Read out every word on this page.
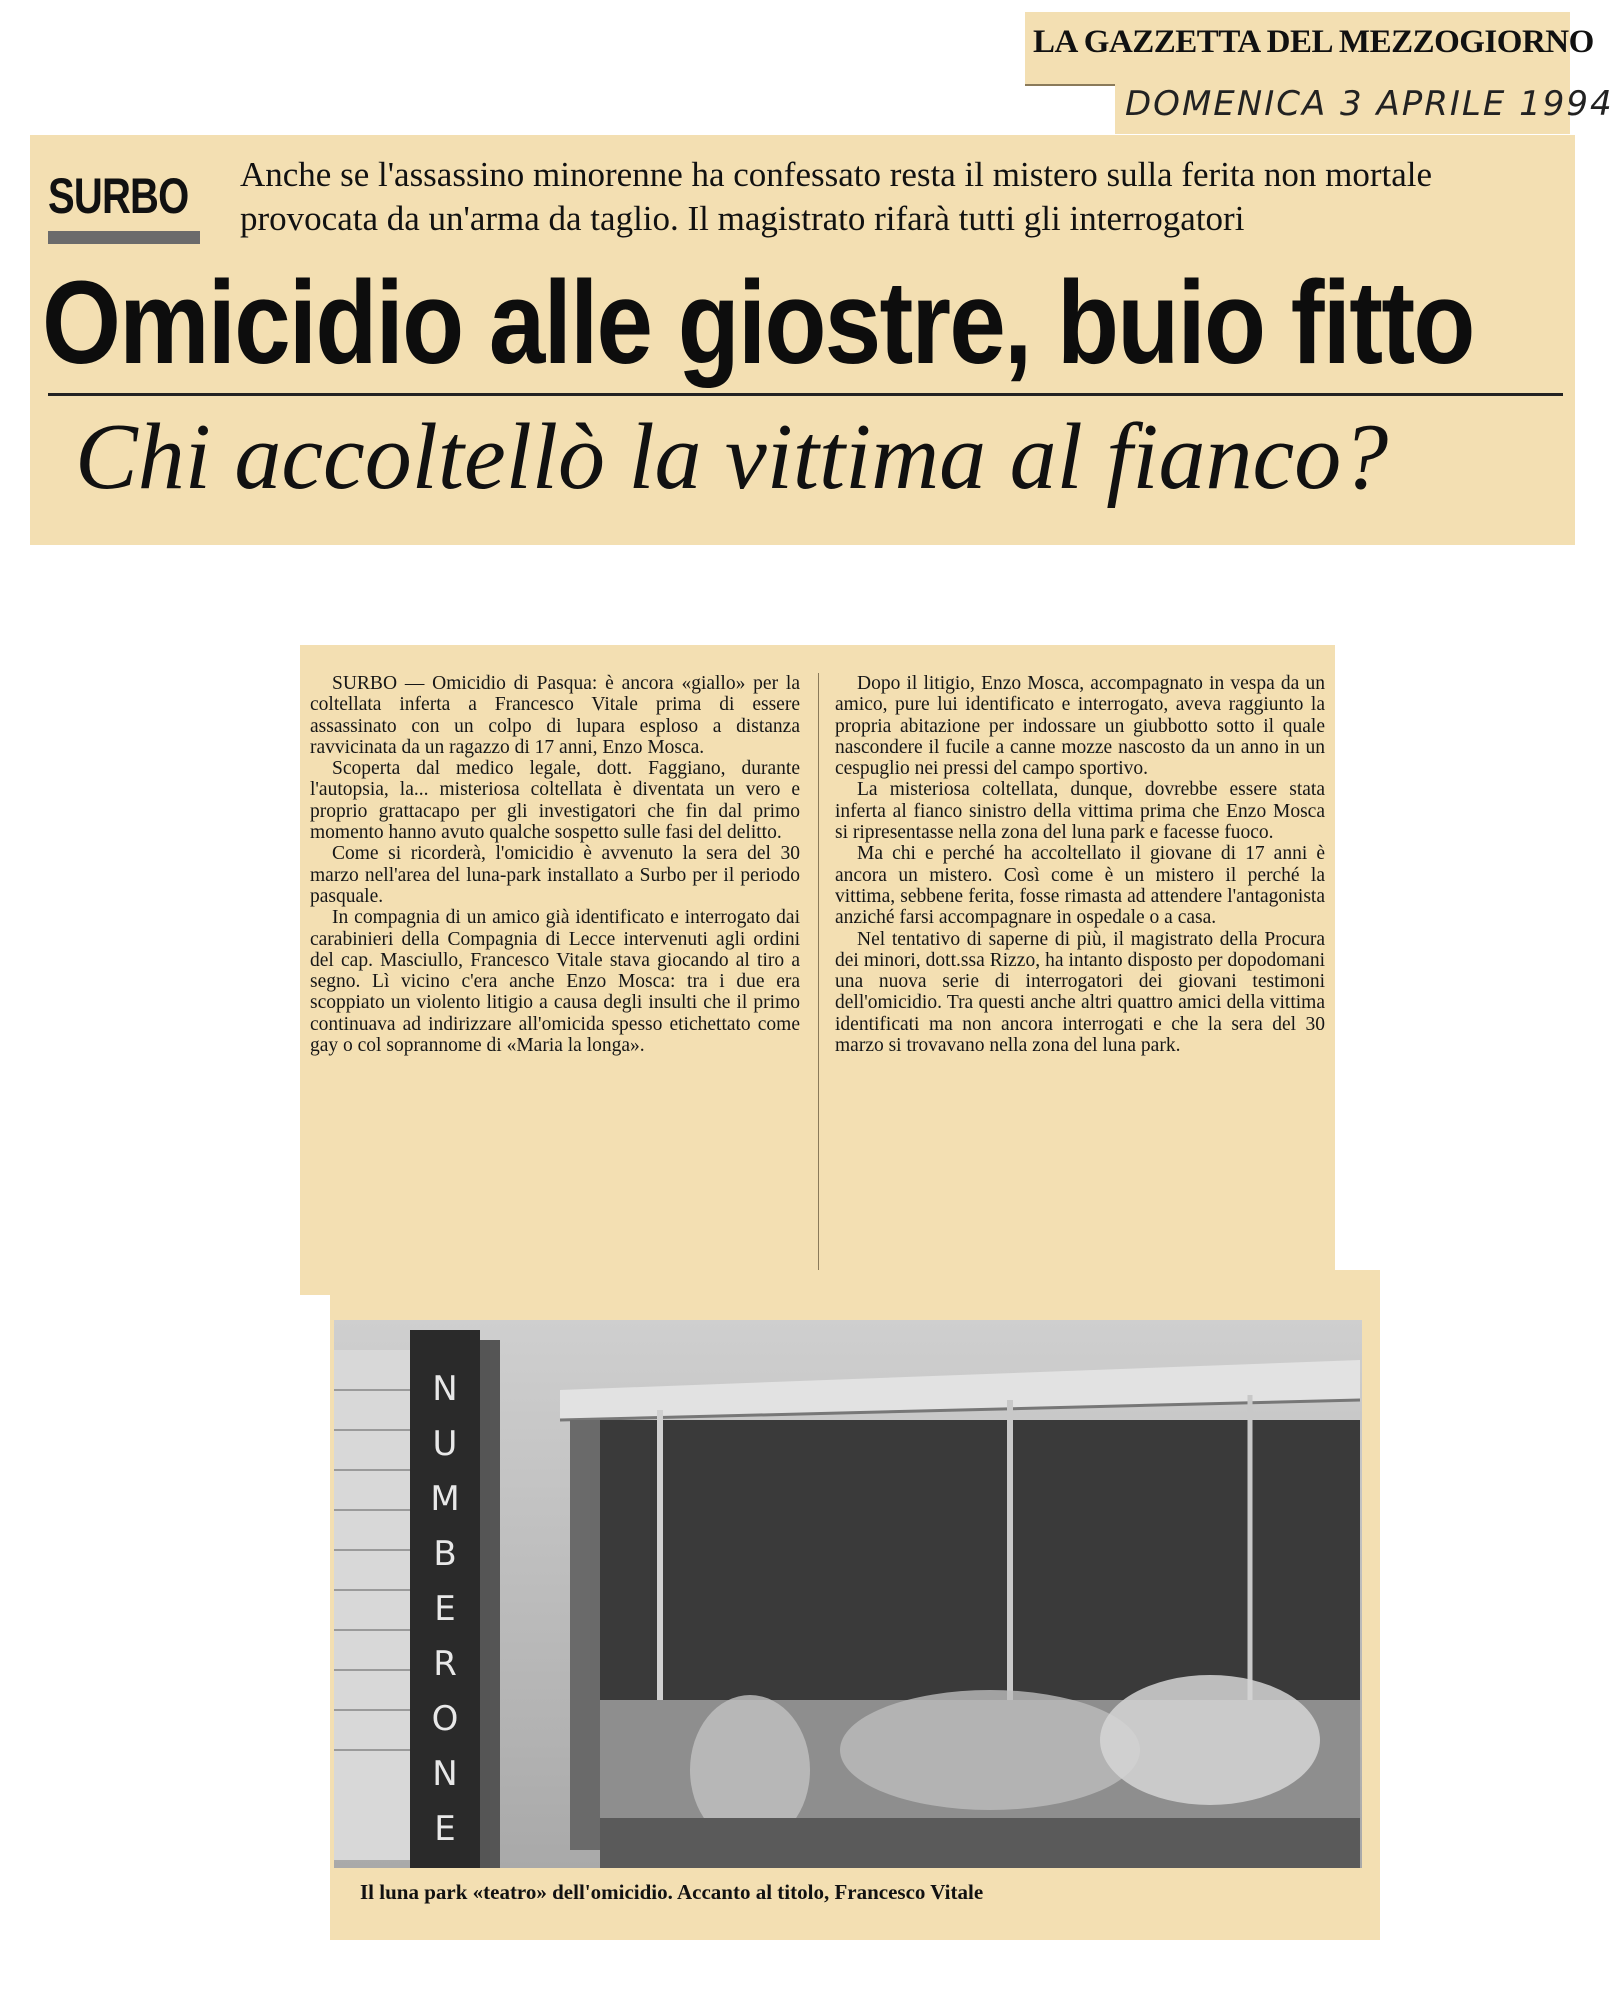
LA GAZZETTA DEL MEZZOGIORNO
DOMENICA 3 APRILE 1994
SURBO Anche se l'assassino minorenne ha confessato resta il mistero sulla ferita non mortale provocata da un'arma da taglio. Il magistrato rifarà tutti gli interrogatori
Omicidio alle giostre, buio fitto
Chi accoltellò la vittima al fianco?

SURBO — Omicidio di Pasqua: è ancora «giallo» per la coltellata inferta a Francesco Vitale prima di essere assassinato con un colpo di lupara esploso a distanza ravvicinata da un ragazzo di 17 anni, Enzo Mosca.

Scoperta dal medico legale, dott. Faggiano, durante l'autopsia, la... misteriosa coltellata è diventata un vero e proprio grattacapo per gli investigatori che fin dal primo momento hanno avuto qualche sospetto sulle fasi del delitto.

Come si ricorderà, l'omicidio è avvenuto la sera del 30 marzo nell'area del luna-park installato a Surbo per il periodo pasquale.

In compagnia di un amico già identificato e interrogato dai carabinieri della Compagnia di Lecce intervenuti agli ordini del cap. Masciullo, Francesco Vitale stava giocando al tiro a segno. Lì vicino c'era anche Enzo Mosca: tra i due era scoppiato un violento litigio a causa degli insulti che il primo continuava ad indirizzare all'omicida spesso etichettato come gay o col soprannome di «Maria la longa».

Dopo il litigio, Enzo Mosca, accompagnato in vespa da un amico, pure lui identificato e interrogato, aveva raggiunto la propria abitazione per indossare un giubbotto sotto il quale nascondere il fucile a canne mozze nascosto da un anno in un cespuglio nei pressi del campo sportivo.

La misteriosa coltellata, dunque, dovrebbe essere stata inferta al fianco sinistro della vittima prima che Enzo Mosca si ripresentasse nella zona del luna park e facesse fuoco.

Ma chi e perché ha accoltellato il giovane di 17 anni è ancora un mistero. Così come è un mistero il perché la vittima, sebbene ferita, fosse rimasta ad attendere l'antagonista anziché farsi accompagnare in ospedale o a casa.

Nel tentativo di saperne di più, il magistrato della Procura dei minori, dott.ssa Rizzo, ha intanto disposto per dopodomani una nuova serie di interrogatori dei giovani testimoni dell'omicidio. Tra questi anche altri quattro amici della vittima identificati ma non ancora interrogati e che la sera del 30 marzo si trovavano nella zona del luna park.

N
U
M
B
E
R
O
N
E
Il luna park «teatro» dell'omicidio. Accanto al titolo, Francesco Vitale
